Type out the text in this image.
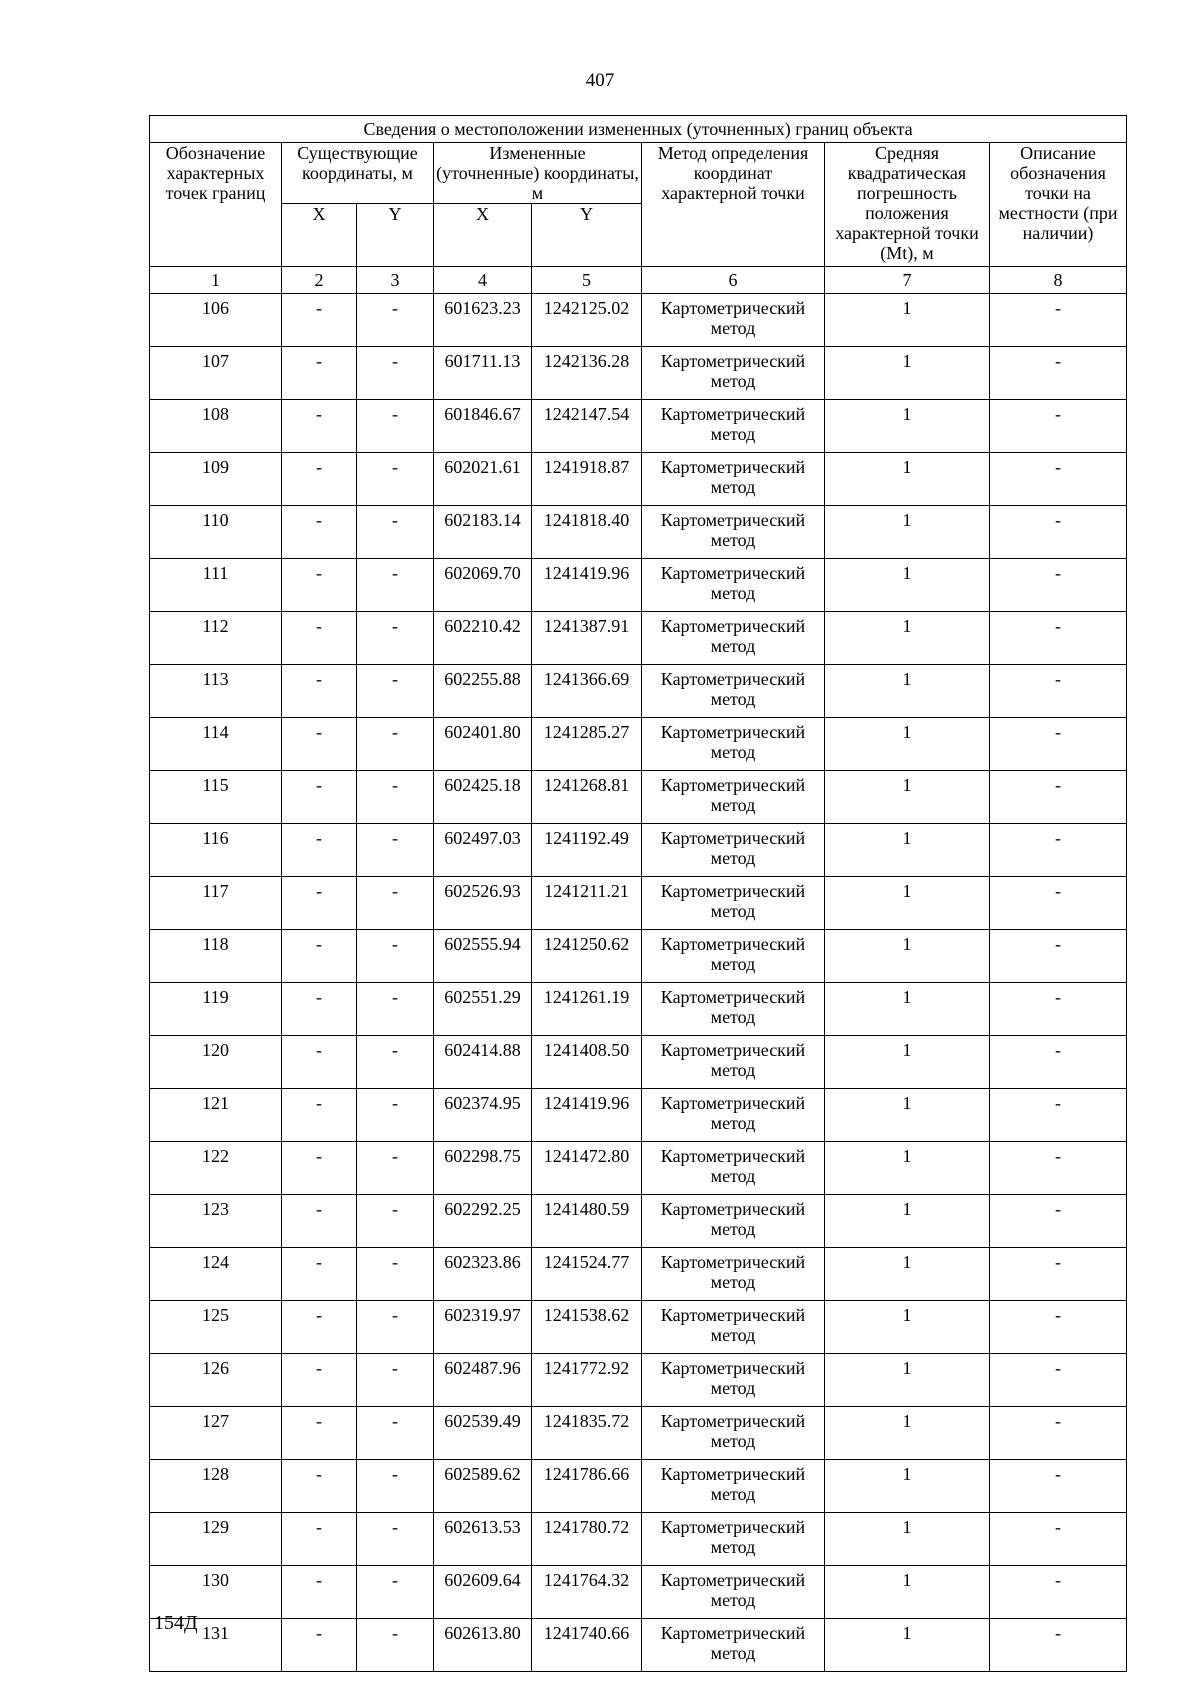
407
Сведения о местоположении измененных (уточненных) границ объекта							
Обозначение характерных точек границ	Существующие координаты, м		Измененные (уточненные) координаты, м		Метод определения координат характерной точки	Средняя квадратическая погрешность положения характерной точки (Mt), м	Описание обозначения точки на местности (при наличии)
	X	Y	X	Y			
1	2	3	4	5	6	7	8
106	-	-	601623.23	1242125.02	Картометрический метод	1	-
107	-	-	601711.13	1242136.28	Картометрический метод	1	-
108	-	-	601846.67	1242147.54	Картометрический метод	1	-
109	-	-	602021.61	1241918.87	Картометрический метод	1	-
110	-	-	602183.14	1241818.40	Картометрический метод	1	-
111	-	-	602069.70	1241419.96	Картометрический метод	1	-
112	-	-	602210.42	1241387.91	Картометрический метод	1	-
113	-	-	602255.88	1241366.69	Картометрический метод	1	-
114	-	-	602401.80	1241285.27	Картометрический метод	1	-
115	-	-	602425.18	1241268.81	Картометрический метод	1	-
116	-	-	602497.03	1241192.49	Картометрический метод	1	-
117	-	-	602526.93	1241211.21	Картометрический метод	1	-
118	-	-	602555.94	1241250.62	Картометрический метод	1	-
119	-	-	602551.29	1241261.19	Картометрический метод	1	-
120	-	-	602414.88	1241408.50	Картометрический метод	1	-
121	-	-	602374.95	1241419.96	Картометрический метод	1	-
122	-	-	602298.75	1241472.80	Картометрический метод	1	-
123	-	-	602292.25	1241480.59	Картометрический метод	1	-
124	-	-	602323.86	1241524.77	Картометрический метод	1	-
125	-	-	602319.97	1241538.62	Картометрический метод	1	-
126	-	-	602487.96	1241772.92	Картометрический метод	1	-
127	-	-	602539.49	1241835.72	Картометрический метод	1	-
128	-	-	602589.62	1241786.66	Картометрический метод	1	-
129	-	-	602613.53	1241780.72	Картометрический метод	1	-
130	-	-	602609.64	1241764.32	Картометрический метод	1	-
131	-	-	602613.80	1241740.66	Картометрический метод	1	-
154Д
